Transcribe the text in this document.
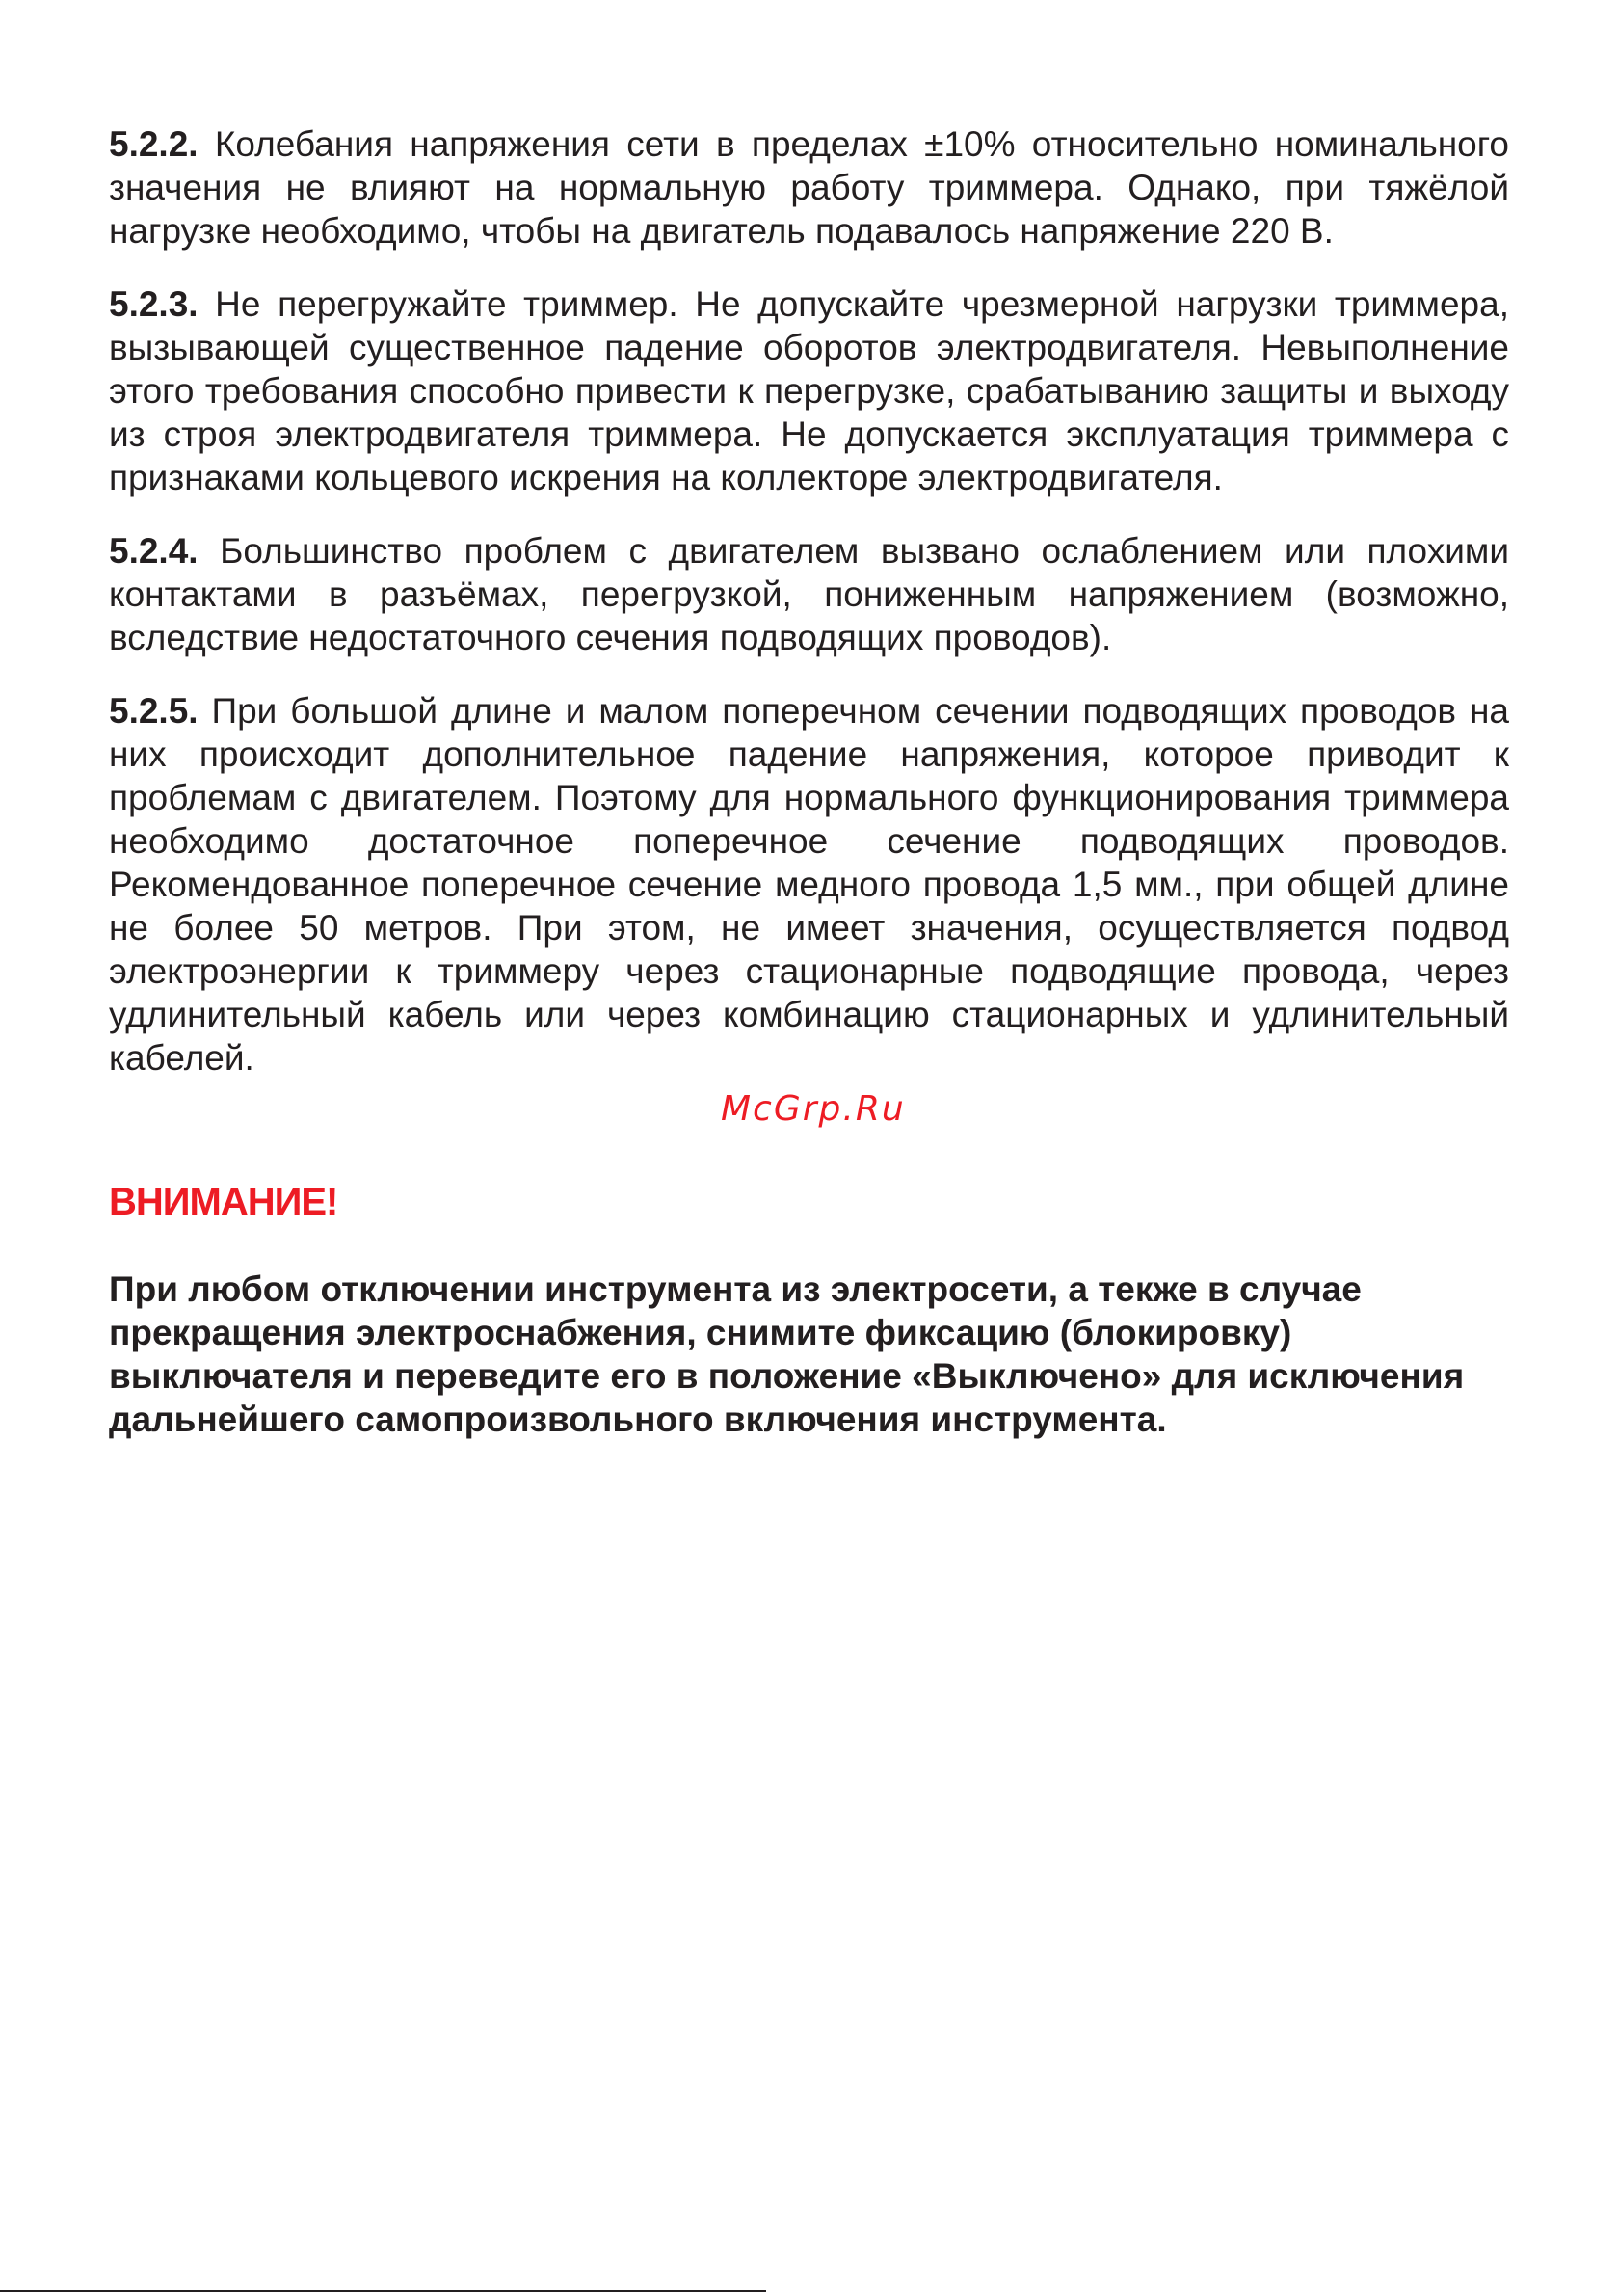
5.2.2. Колебания напряжения сети в пределах ±10% относительно номинального значения не влияют на нормальную работу триммера. Однако, при тяжёлой нагрузке необходимо, чтобы на двигатель подавалось напряжение 220 В.

5.2.3. Не перегружайте триммер. Не допускайте чрезмерной нагрузки триммера, вызывающей существенное падение оборотов электродвигателя. Невыполнение этого требования способно привести к перегрузке, срабатыванию защиты и выходу из строя электродвигателя триммера. Не допускается эксплуатация триммера с признаками кольцевого искрения на коллекторе электродвигателя.

5.2.4. Большинство проблем с двигателем вызвано ослаблением или плохими контактами в разъёмах, перегрузкой, пониженным напряжением (возможно, вследствие недостаточного сечения подводящих проводов).

5.2.5. При большой длине и малом поперечном сечении подводящих проводов на них происходит дополнительное падение напряжения, которое приводит к проблемам с двигателем. Поэтому для нормального функционирования триммера необходимо достаточное поперечное сечение подводящих проводов. Рекомендованное поперечное сечение медного провода 1,5 мм., при общей длине не более 50 метров. При этом, не имеет значения, осуществляется подвод электроэнергии к триммеру через стационарные подводящие провода, через удлинительный кабель или через комбинацию стационарных и удлинительный кабелей.

McGrp.Ru
ВНИМАНИЕ!
При любом отключении инструмента из электросети, а текже в случае прекращения электроснабжения, снимите фиксацию (блокировку) выключателя и переведите его в положение «Выключено» для исключения дальнейшего самопроизвольного включения инструмента.
